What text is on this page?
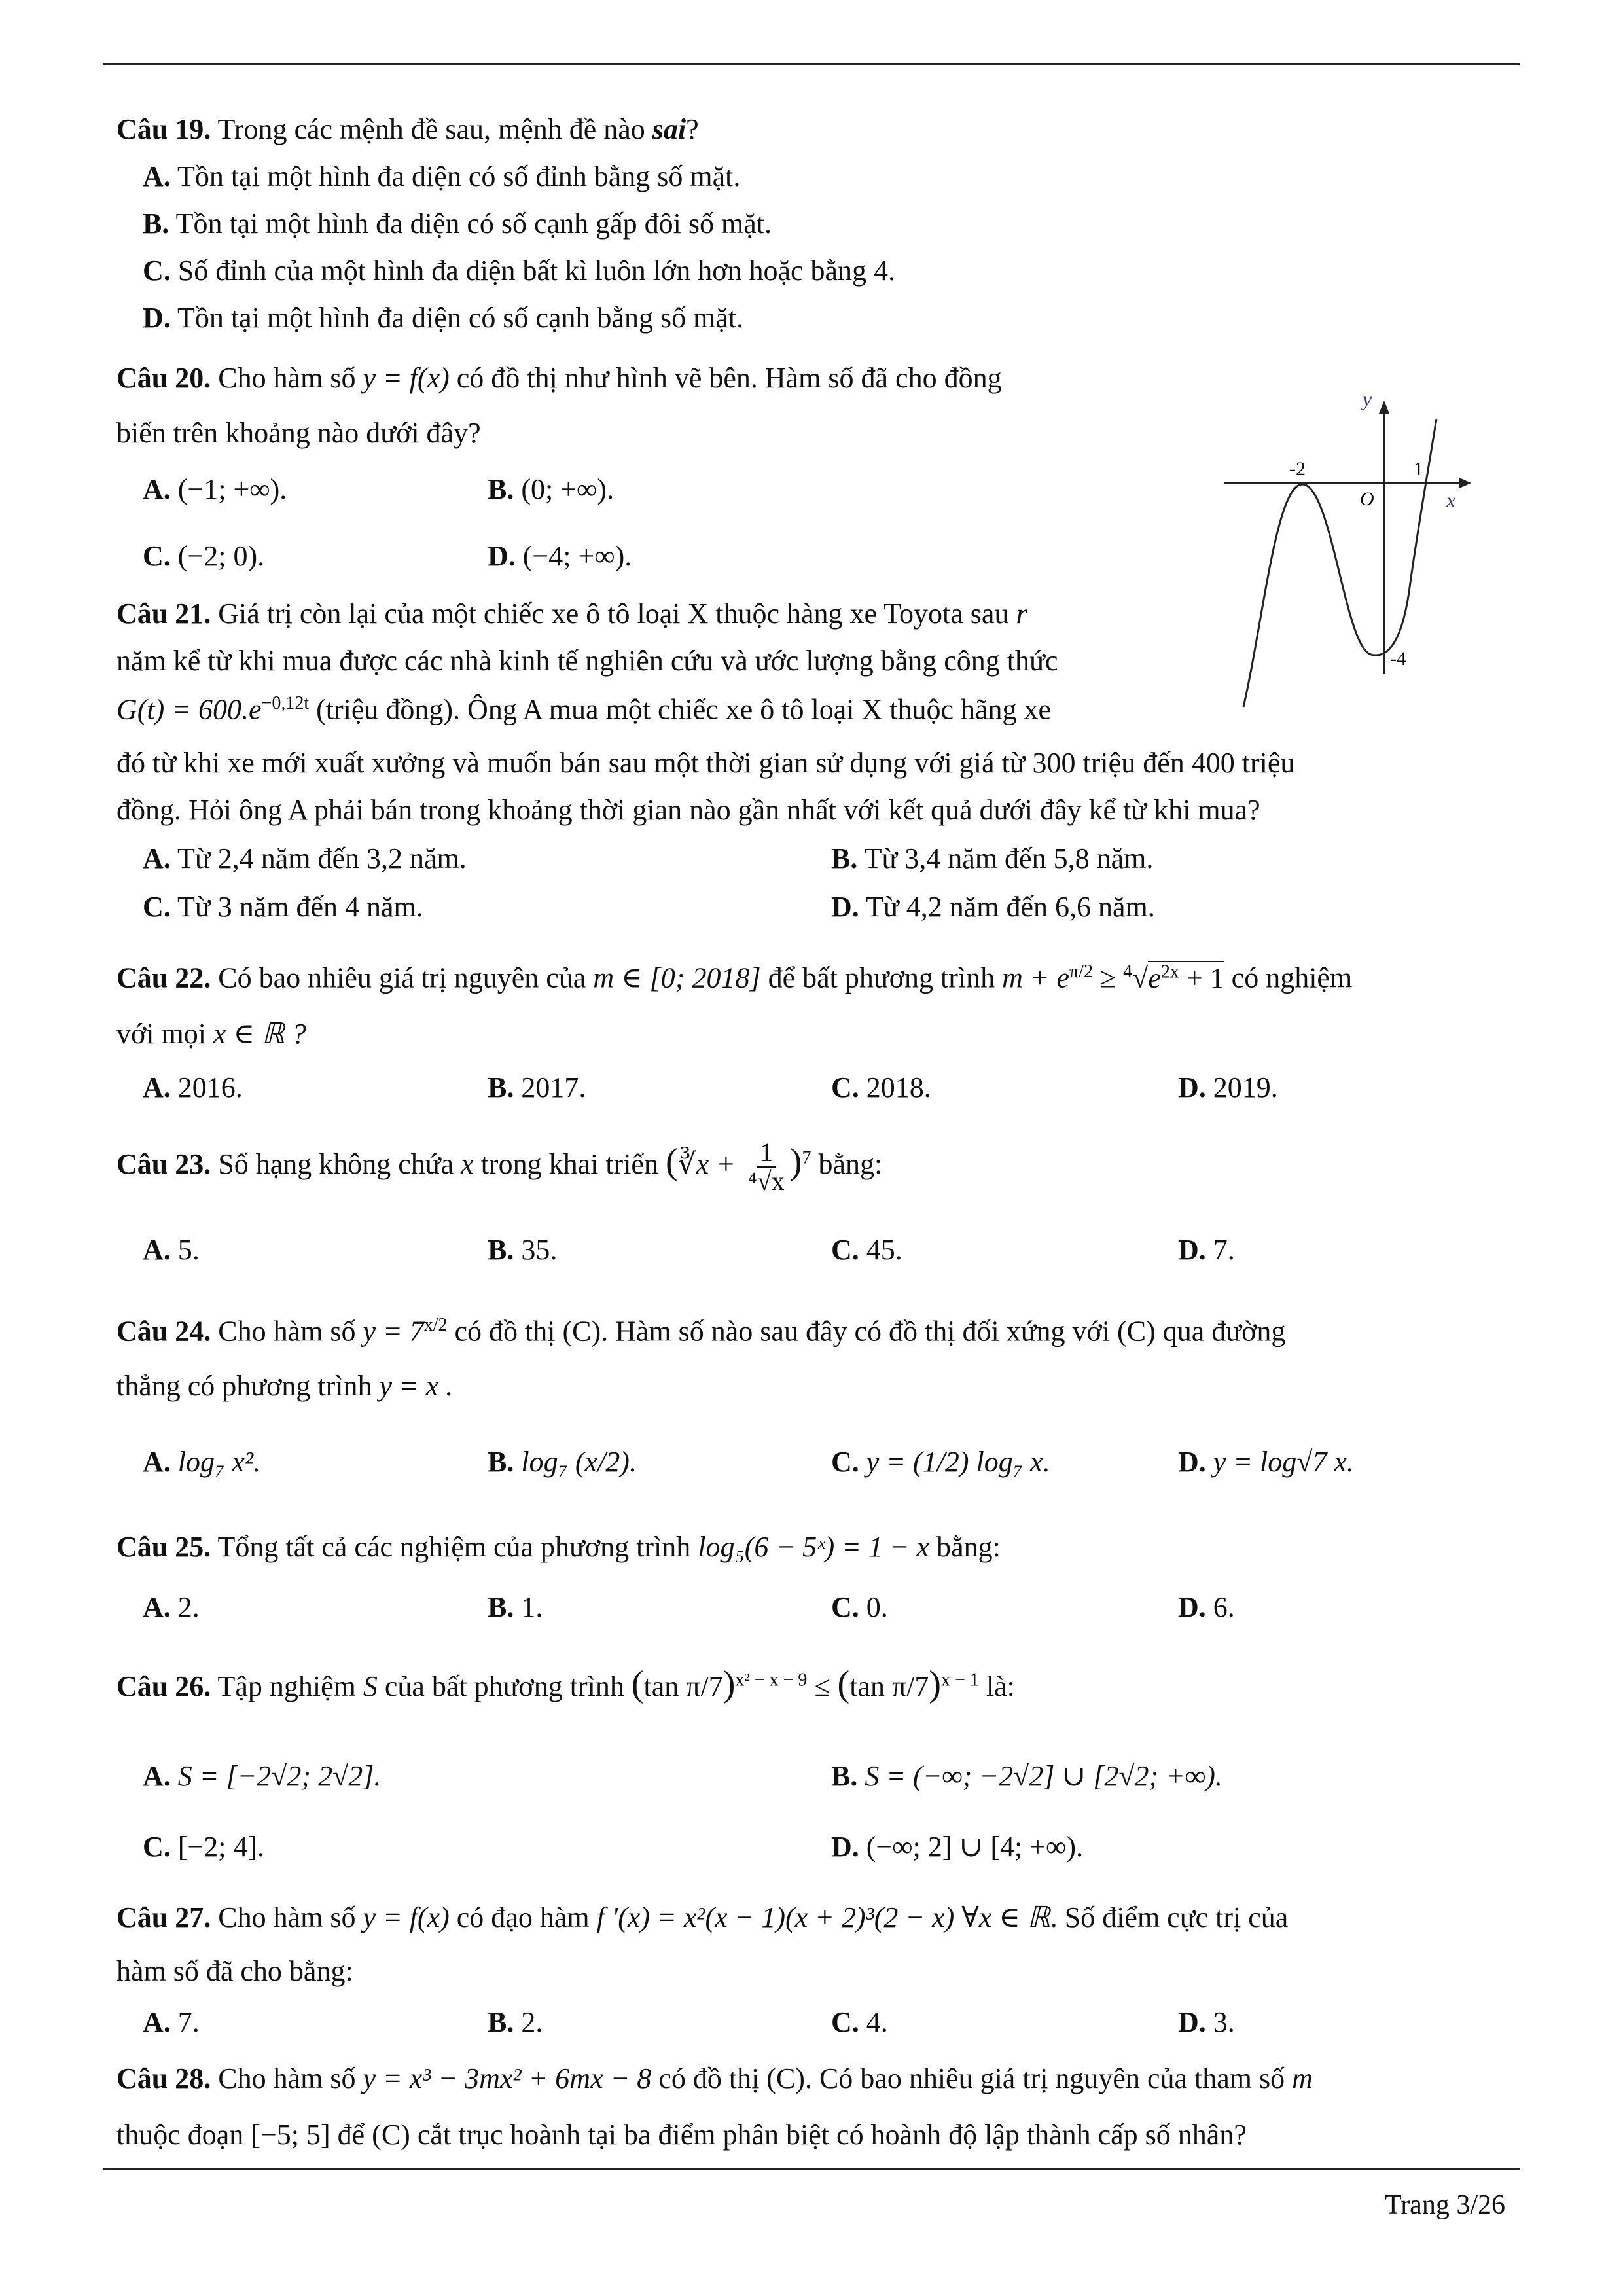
Câu 19. Trong các mệnh đề sau, mệnh đề nào sai?
A. Tồn tại một hình đa diện có số đỉnh bằng số mặt.
B. Tồn tại một hình đa diện có số cạnh gấp đôi số mặt.
C. Số đỉnh của một hình đa diện bất kì luôn lớn hơn hoặc bằng 4.
D. Tồn tại một hình đa diện có số cạnh bằng số mặt.
Câu 20. Cho hàm số y = f(x) có đồ thị như hình vẽ bên. Hàm số đã cho đồng
biến trên khoảng nào dưới đây?
A. (−1; +∞).	B. (0; +∞).
C. (−2; 0).	D. (−4; +∞).
y
x
O
-2	1
-4
Câu 21. Giá trị còn lại của một chiếc xe ô tô loại X thuộc hàng xe Toyota sau r
năm kể từ khi mua được các nhà kinh tế nghiên cứu và ước lượng bằng công thức
$G(t) = 600.e^{-0,12t}$ (triệu đồng). Ông A mua một chiếc xe ô tô loại X thuộc hãng xe
đó từ khi xe mới xuất xưởng và muốn bán sau một thời gian sử dụng với giá từ 300 triệu đến 400 triệu
đồng. Hỏi ông A phải bán trong khoảng thời gian nào gần nhất với kết quả dưới đây kể từ khi mua?
A. Từ 2,4 năm đến 3,2 năm.	B. Từ 3,4 năm đến 5,8 năm.
C. Từ 3 năm đến 4 năm.	D. Từ 4,2 năm đến 6,6 năm.
Câu 22. Có bao nhiêu giá trị nguyên của m ∈ [0; 2018] để bất phương trình $m + e^{\pi/2} \ge ^4√e^{2x} + 1$ có nghiệm
với mọi x ∈ ℝ ?
A. 2016.	B. 2017.	C. 2018.	D. 2019.
Câu 23. Số hạng không chứa x trong khai triển (∛x + $\frac{1}{\text{⁴√x}} )^7$ bằng:
A. 5.	B. 35.	C. 45.	D. 7.
Câu 24. Cho hàm số $y = 7^{x/2}$ có đồ thị (C). Hàm số nào sau đây có đồ thị đối xứng với (C) qua đường
thẳng có phương trình y = x .
A. log₇ x².	B. log₇ (x/2).	C. y = (1/2) log₇ x.	D. y = log√7 x.
Câu 25. Tổng tất cả các nghiệm của phương trình log₅(6 − 5ˣ) = 1 − x bằng:
A. 2.	B. 1.	C. 0.	D. 6.
Câu 26. Tập nghiệm S của bất phương trình (tan π/7)$^{x^2 - x - 9}$ ≤ (tan π/7)$^{x - 1}$ là:
A. S = [−2√2; 2√2].	B. S = (−∞; −2√2] ∪ [2√2; +∞).
C. [−2; 4].	D. (−∞; 2] ∪ [4; +∞).
Câu 27. Cho hàm số y = f(x) có đạo hàm f '(x) = x²(x − 1)(x + 2)³(2 − x) ∀x ∈ ℝ. Số điểm cực trị của
hàm số đã cho bằng:
A. 7.	B. 2.	C. 4.	D. 3.
Câu 28. Cho hàm số y = x³ − 3mx² + 6mx − 8 có đồ thị (C). Có bao nhiêu giá trị nguyên của tham số m
thuộc đoạn [−5; 5] để (C) cắt trục hoành tại ba điểm phân biệt có hoành độ lập thành cấp số nhân?
Trang 3/26
